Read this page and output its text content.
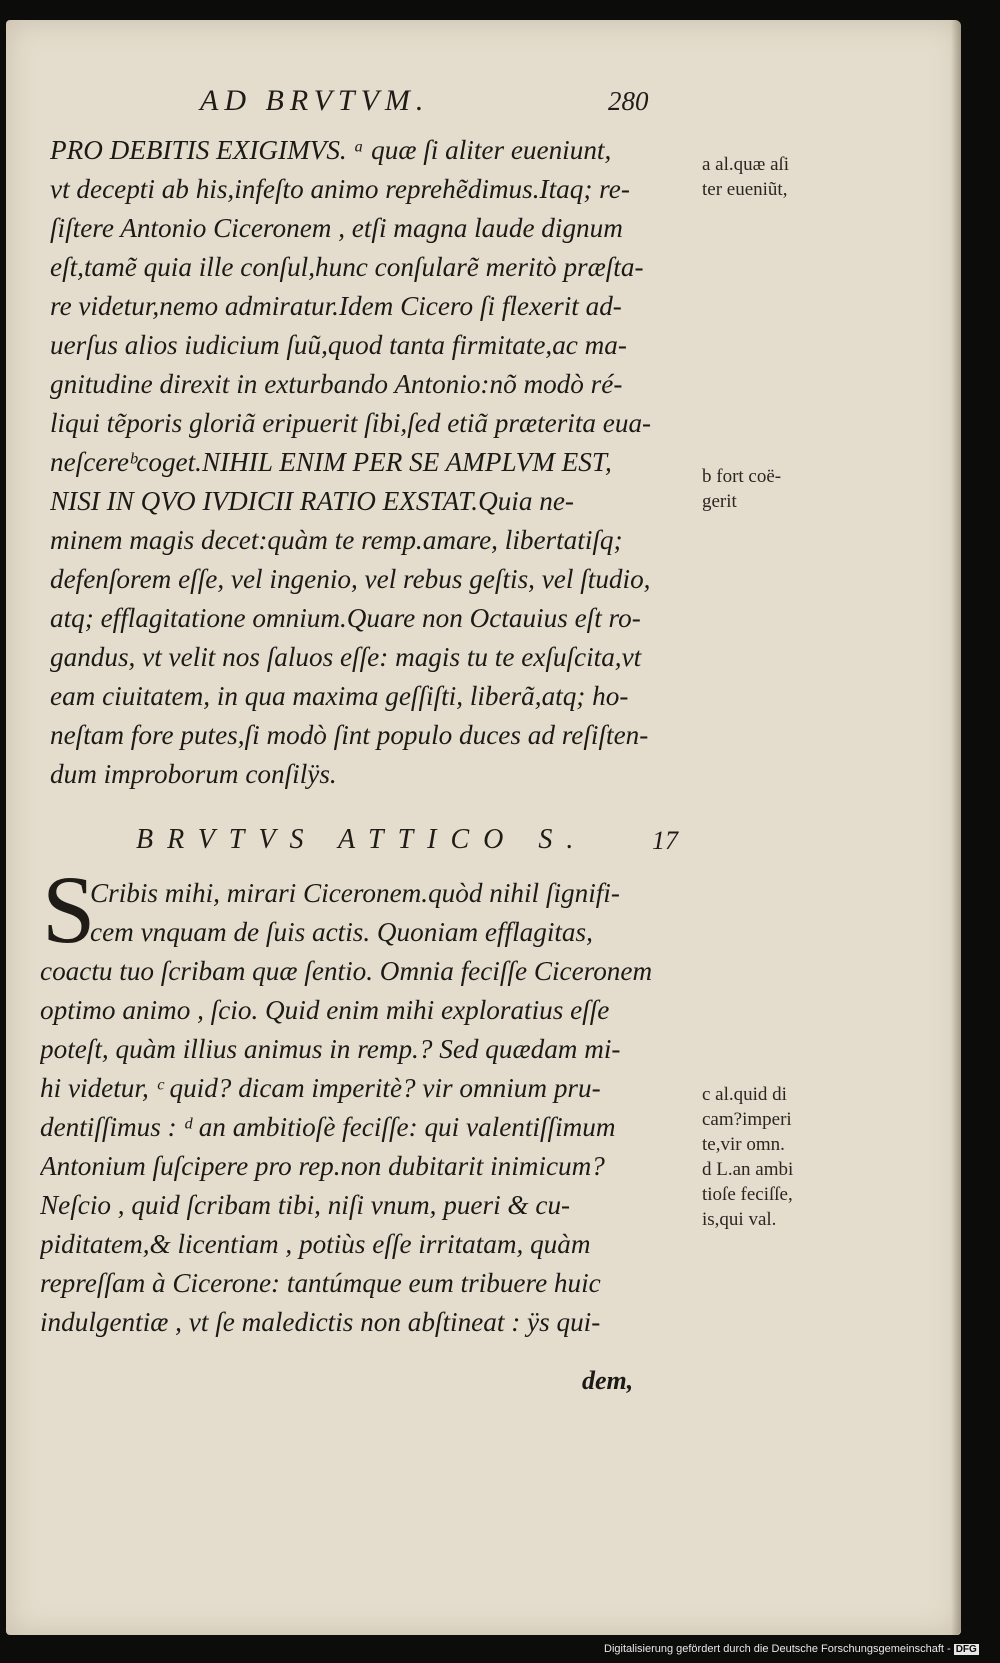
AD BRVTVM.	280
PRO DEBITIS EXIGIMVS. ᵃ quæ ſi aliter eueniunt,
vt decepti ab his,infeſto animo reprehẽdimus.Itaq; re-
ſiſtere Antonio Ciceronem , etſi magna laude dignum
eſt,tamẽ quia ille conſul,hunc conſularẽ meritò præſta-
re videtur,nemo admiratur.Idem Cicero ſi flexerit ad-
uerſus alios iudicium ſuũ,quod tanta firmitate,ac ma-
gnitudine direxit in exturbando Antonio:nõ modò ré-
liqui tẽporis gloriã eripuerit ſibi,ſed etiã præterita eua-
neſcereᵇcoget.NIHIL ENIM PER SE AMPLVM EST,
NISI IN QVO IVDICII RATIO EXSTAT.Quia ne-
minem magis decet:quàm te remp.amare, libertatiſq;
defenſorem eſſe, vel ingenio, vel rebus geſtis, vel ſtudio,
atq; efflagitatione omnium.Quare non Octauius eſt ro-
gandus, vt velit nos ſaluos eſſe: magis tu te exſuſcita,vt
eam ciuitatem, in qua maxima geſſiſti, liberã,atq; ho-
neſtam fore putes,ſi modò ſint populo duces ad reſiſten-
dum improborum conſilÿs.
BRVTVS ATTICO S. 17
S
Cribis mihi, mirari Ciceronem.quòd nihil ſignifi-
cem vnquam de ſuis actis. Quoniam efflagitas,
coactu tuo ſcribam quæ ſentio. Omnia feciſſe Ciceronem
optimo animo , ſcio. Quid enim mihi exploratius eſſe
poteſt, quàm illius animus in remp.? Sed quædam mi-
hi videtur, ᶜ quid? dicam imperitè? vir omnium pru-
dentiſſimus : ᵈ an ambitioſè feciſſe: qui valentiſſimum
Antonium ſuſcipere pro rep.non dubitarit inimicum?
Neſcio , quid ſcribam tibi, niſi vnum, pueri & cu-
piditatem,& licentiam , potiùs eſſe irritatam, quàm
repreſſam à Cicerone: tantúmque eum tribuere huic
indulgentiæ , vt ſe maledictis non abſtineat : ÿs qui-
dem,
a al.quæ aſi
ter eueniũt,
b fort coë-
gerit
c al.quid di
cam?imperi
te,vir omn.
d L.an ambi
tioſe feciſſe,
is,qui val.
Digitalisierung gefördert durch die Deutsche Forschungsgemeinschaft - DFG
